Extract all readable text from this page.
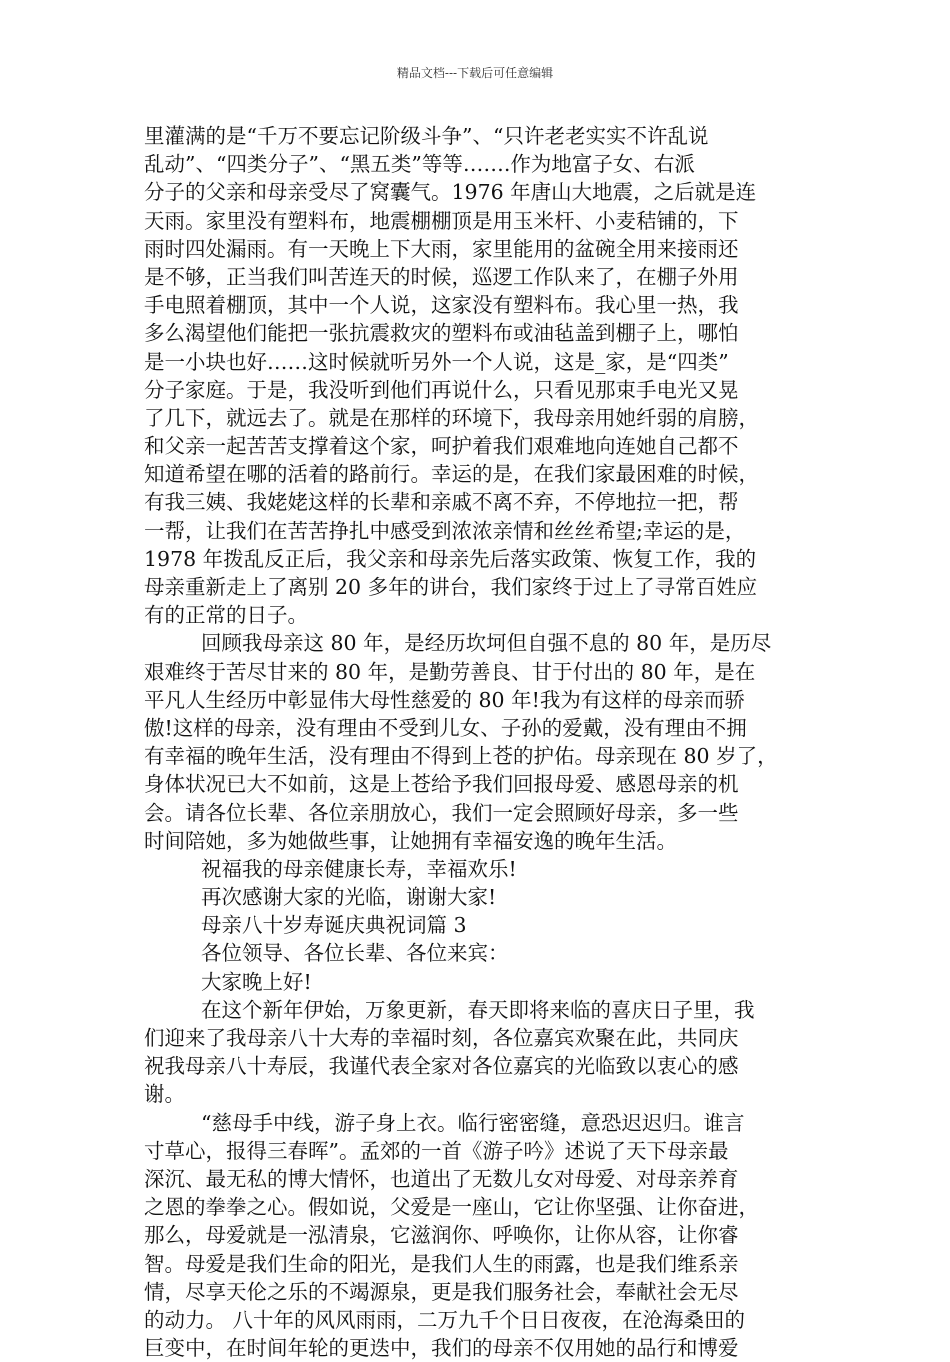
精品文档---下载后可任意编辑
里灌满的是“千万不要忘记阶级斗争”、“只许老老实实不许乱说
乱动”、“四类分子”、“黑五类”等等…….作为地富子女、右派
分子的父亲和母亲受尽了窝囊气。1976 年唐山大地震，之后就是连
天雨。家里没有塑料布，地震棚棚顶是用玉米杆、小麦秸铺的，下
雨时四处漏雨。有一天晚上下大雨，家里能用的盆碗全用来接雨还
是不够，正当我们叫苦连天的时候，巡逻工作队来了，在棚子外用
手电照着棚顶，其中一个人说，这家没有塑料布。我心里一热，我
多么渴望他们能把一张抗震救灾的塑料布或油毡盖到棚子上，哪怕
是一小块也好……这时候就听另外一个人说，这是_家，是“四类”
分子家庭。于是，我没听到他们再说什么，只看见那束手电光又晃
了几下，就远去了。就是在那样的环境下，我母亲用她纤弱的肩膀，
和父亲一起苦苦支撑着这个家，呵护着我们艰难地向连她自己都不
知道希望在哪的活着的路前行。幸运的是，在我们家最困难的时候，
有我三姨、我姥姥这样的长辈和亲戚不离不弃，不停地拉一把，帮
一帮，让我们在苦苦挣扎中感受到浓浓亲情和丝丝希望;幸运的是，
1978 年拨乱反正后，我父亲和母亲先后落实政策、恢复工作，我的
母亲重新走上了离别 20 多年的讲台，我们家终于过上了寻常百姓应
有的正常的日子。
回顾我母亲这 80 年，是经历坎坷但自强不息的 80 年，是历尽
艰难终于苦尽甘来的 80 年，是勤劳善良、甘于付出的 80 年，是在
平凡人生经历中彰显伟大母性慈爱的 80 年!我为有这样的母亲而骄
傲!这样的母亲，没有理由不受到儿女、子孙的爱戴，没有理由不拥
有幸福的晚年生活，没有理由不得到上苍的护佑。母亲现在 80 岁了，
身体状况已大不如前，这是上苍给予我们回报母爱、感恩母亲的机
会。请各位长辈、各位亲朋放心，我们一定会照顾好母亲，多一些
时间陪她，多为她做些事，让她拥有幸福安逸的晚年生活。
祝福我的母亲健康长寿，幸福欢乐!
再次感谢大家的光临，谢谢大家!
母亲八十岁寿诞庆典祝词篇 3
各位领导、各位长辈、各位来宾：
大家晚上好!
在这个新年伊始，万象更新，春天即将来临的喜庆日子里，我
们迎来了我母亲八十大寿的幸福时刻，各位嘉宾欢聚在此，共同庆
祝我母亲八十寿辰，我谨代表全家对各位嘉宾的光临致以衷心的感
谢。
“慈母手中线，游子身上衣。临行密密缝，意恐迟迟归。谁言
寸草心，报得三春晖”。孟郊的一首《游子吟》述说了天下母亲最
深沉、最无私的博大情怀，也道出了无数儿女对母爱、对母亲养育
之恩的拳拳之心。假如说，父爱是一座山，它让你坚强、让你奋进，
那么，母爱就是一泓清泉，它滋润你、呼唤你，让你从容，让你睿
智。母爱是我们生命的阳光，是我们人生的雨露，也是我们维系亲
情，尽享天伦之乐的不竭源泉，更是我们服务社会，奉献社会无尽
的动力。 八十年的风风雨雨，二万九千个日日夜夜，在沧海桑田的
巨变中，在时间年轮的更迭中，我们的母亲不仅用她的品行和博爱
